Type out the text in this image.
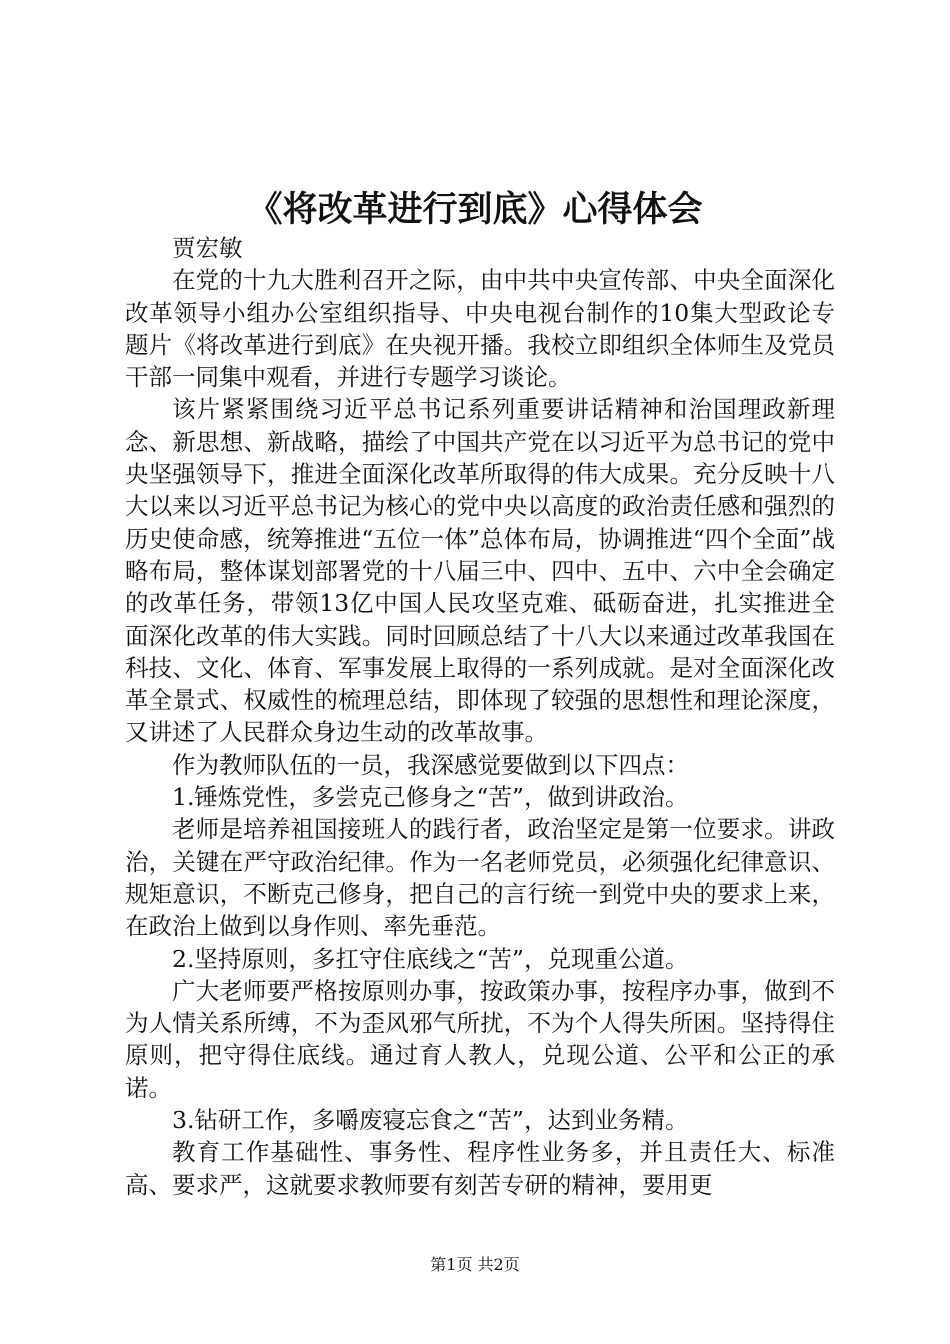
《将改革进行到底》心得体会

贾宏敏

在党的十九大胜利召开之际，由中共中央宣传部、中央全面深化改革领导小组办公室组织指导、中央电视台制作的10集大型政论专题片《将改革进行到底》在央视开播。我校立即组织全体师生及党员干部一同集中观看，并进行专题学习谈论。

该片紧紧围绕习近平总书记系列重要讲话精神和治国理政新理念、新思想、新战略，描绘了中国共产党在以习近平为总书记的党中央坚强领导下，推进全面深化改革所取得的伟大成果。充分反映十八大以来以习近平总书记为核心的党中央以高度的政治责任感和强烈的历史使命感，统筹推进“五位一体”总体布局，协调推进“四个全面”战略布局，整体谋划部署党的十八届三中、四中、五中、六中全会确定的改革任务，带领13亿中国人民攻坚克难、砥砺奋进，扎实推进全面深化改革的伟大实践。同时回顾总结了十八大以来通过改革我国在科技、文化、体育、军事发展上取得的一系列成就。是对全面深化改革全景式、权威性的梳理总结，即体现了较强的思想性和理论深度，又讲述了人民群众身边生动的改革故事。

作为教师队伍的一员，我深感觉要做到以下四点：

1.锤炼党性，多尝克己修身之“苦”，做到讲政治。

老师是培养祖国接班人的践行者，政治坚定是第一位要求。讲政治，关键在严守政治纪律。作为一名老师党员，必须强化纪律意识、规矩意识，不断克己修身，把自己的言行统一到党中央的要求上来，在政治上做到以身作则、率先垂范。

2.坚持原则，多扛守住底线之“苦”，兑现重公道。

广大老师要严格按原则办事，按政策办事，按程序办事，做到不为人情关系所缚，不为歪风邪气所扰，不为个人得失所困。坚持得住原则，把守得住底线。通过育人教人，兑现公道、公平和公正的承诺。

3.钻研工作，多嚼废寝忘食之“苦”，达到业务精。

教育工作基础性、事务性、程序性业务多，并且责任大、标准高、要求严，这就要求教师要有刻苦专研的精神，要用更

第1页 共2页
